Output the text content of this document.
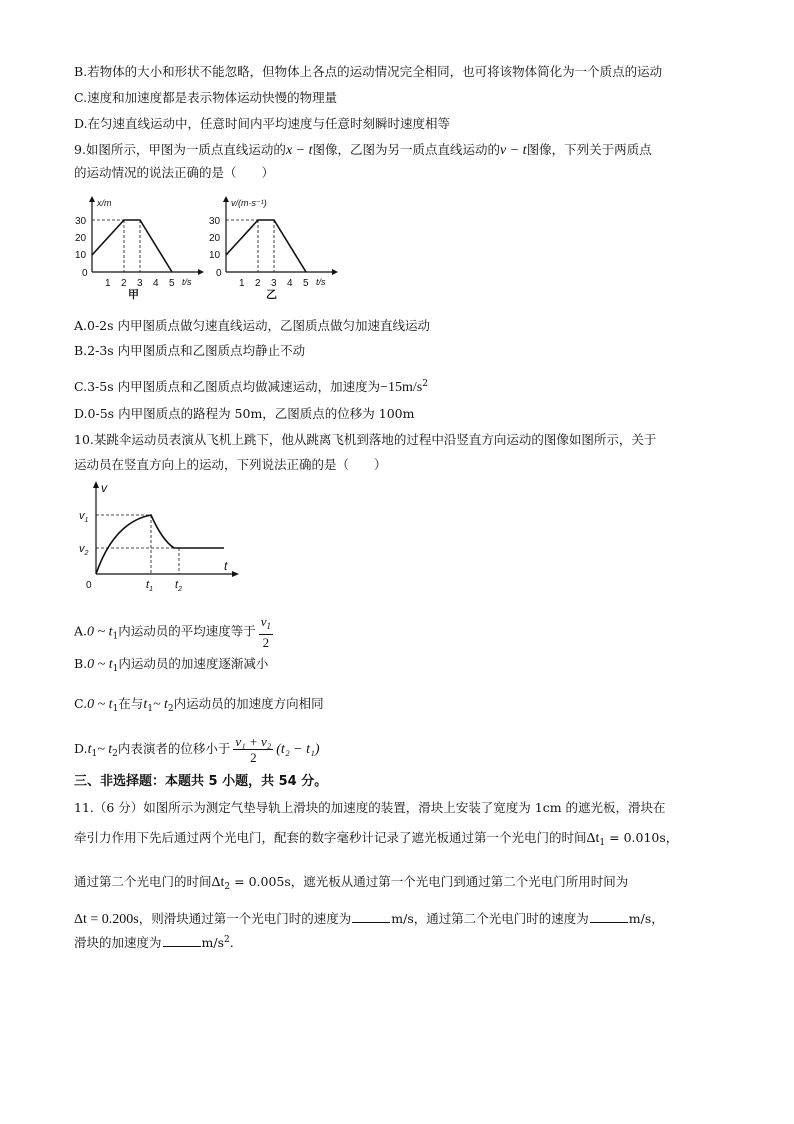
B.若物体的大小和形状不能忽略，但物体上各点的运动情况完全相同，也可将该物体简化为一个质点的运动
C.速度和加速度都是表示物体运动快慢的物理量
D.在匀速直线运动中，任意时间内平均速度与任意时刻瞬时速度相等
9.如图所示，甲图为一质点直线运动的x − t图像，乙图为另一质点直线运动的v − t图像，下列关于两质点
的运动情况的说法正确的是（　　）
x/m
t/s
30
20
10
0
1 2 3 4 5
甲
v/(m·s⁻¹)
t/s
30
20
10
0
1 2 3 4 5
乙
A.0-2s 内甲图质点做匀速直线运动，乙图质点做匀加速直线运动
B.2-3s 内甲图质点和乙图质点均静止不动
C.3-5s 内甲图质点和乙图质点均做减速运动，加速度为$-15m/s^2$
D.0-5s 内甲图质点的路程为 50m，乙图质点的位移为 100m
10.某跳伞运动员表演从飞机上跳下，他从跳离飞机到落地的过程中沿竖直方向运动的图像如图所示，关于
运动员在竖直方向上的运动，下列说法正确的是（　　）
v
t
$v_1$
$v_2$
0	$t_1$ $t_2$
A.0 ~ $t_1$内运动员的平均速度等于 $\frac{v_1}{2}$
B.0 ~ $t_1$内运动员的加速度逐渐减小
C.0 ~ $t_1$在与$t_1\sim$ $t_2$内运动员的加速度方向相同
$D.t_1\sim$ $t_2$内表演者的位移小于 $\frac{\text{v₁ + v₂}}{2} (t_2 - t_1)$
三、非选择题：本题共 5 小题，共 54 分。
11.（6 分）如图所示为测定气垫导轨上滑块的加速度的装置，滑块上安装了宽度为 1cm 的遮光板，滑块在
牵引力作用下先后通过两个光电门，配套的数字毫秒计记录了遮光板通过第一个光电门的时间$\Delta t_1 = 0.010s$，
通过第二个光电门的时间$\Delta t_2 = 0.005s$，遮光板从通过第一个光电门到通过第二个光电门所用时间为
Δt = 0.200s，则滑块通过第一个光电门时的速度为	m/s，通过第二个光电门时的速度为	m/s，
滑块的加速度为	$m/s^2$.
